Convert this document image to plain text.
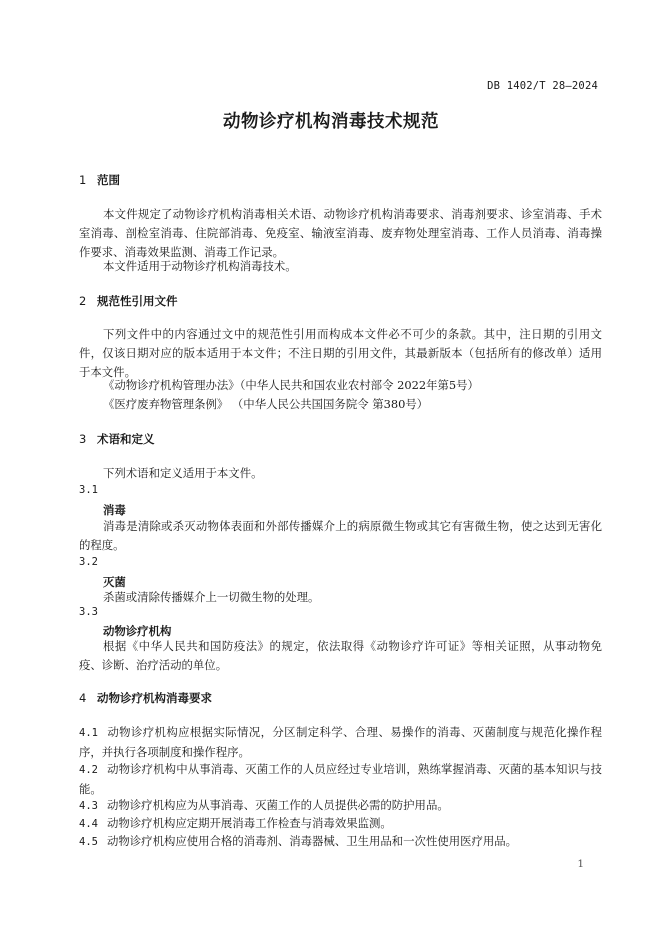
DB 1402/T 28—2024
动物诊疗机构消毒技术规范
1 范围
本文件规定了动物诊疗机构消毒相关术语、动物诊疗机构消毒要求、消毒剂要求、诊室消毒、手术室消毒、剖检室消毒、住院部消毒、免疫室、输液室消毒、废弃物处理室消毒、工作人员消毒、消毒操作要求、消毒效果监测、消毒工作记录。
本文件适用于动物诊疗机构消毒技术。
2 规范性引用文件
下列文件中的内容通过文中的规范性引用而构成本文件必不可少的条款。其中，注日期的引用文件，仅该日期对应的版本适用于本文件；不注日期的引用文件，其最新版本（包括所有的修改单）适用于本文件。
《动物诊疗机构管理办法》（中华人民共和国农业农村部令 2022年第5号）
《医疗废弃物管理条例》 （中华人民公共国国务院令 第380号）
3 术语和定义
下列术语和定义适用于本文件。
3.1
消毒
消毒是清除或杀灭动物体表面和外部传播媒介上的病原微生物或其它有害微生物，使之达到无害化的程度。
3.2
灭菌
杀菌或清除传播媒介上一切微生物的处理。
3.3
动物诊疗机构
根据《中华人民共和国防疫法》的规定，依法取得《动物诊疗许可证》等相关证照，从事动物免疫、诊断、治疗活动的单位。
4 动物诊疗机构消毒要求
4.1 动物诊疗机构应根据实际情况，分区制定科学、合理、易操作的消毒、灭菌制度与规范化操作程序，并执行各项制度和操作程序。
4.2 动物诊疗机构中从事消毒、灭菌工作的人员应经过专业培训，熟练掌握消毒、灭菌的基本知识与技能。
4.3 动物诊疗机构应为从事消毒、灭菌工作的人员提供必需的防护用品。
4.4 动物诊疗机构应定期开展消毒工作检查与消毒效果监测。
4.5 动物诊疗机构应使用合格的消毒剂、消毒器械、卫生用品和一次性使用医疗用品。
1
